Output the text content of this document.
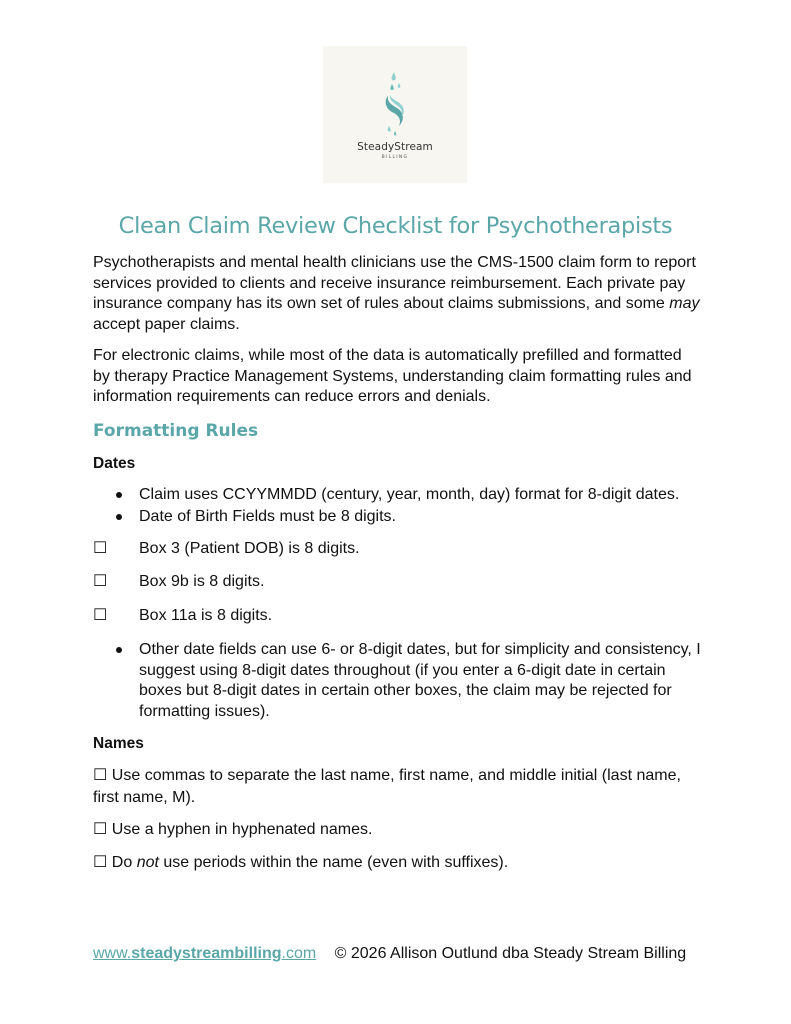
SteadyStream
BILLING
Clean Claim Review Checklist for Psychotherapists

Psychotherapists and mental health clinicians use the CMS-1500 claim form to report services provided to clients and receive insurance reimbursement. Each private pay insurance company has its own set of rules about claims submissions, and some may accept paper claims.

For electronic claims, while most of the data is automatically prefilled and formatted by therapy Practice Management Systems, understanding claim formatting rules and information requirements can reduce errors and denials.

Formatting Rules
Dates
Claim uses CCYYMMDD (century, year, month, day) format for 8-digit dates.
Date of Birth Fields must be 8 digits.
☐ Box 3 (Patient DOB) is 8 digits.
☐ Box 9b is 8 digits.
☐ Box 11a is 8 digits.
Other date fields can use 6- or 8-digit dates, but for simplicity and consistency, I suggest using 8-digit dates throughout (if you enter a 6-digit date in certain boxes but 8-digit dates in certain other boxes, the claim may be rejected for formatting issues).
Names

☐ Use commas to separate the last name, first name, and middle initial (last name, first name, M).

☐ Use a hyphen in hyphenated names.

☐ Do not use periods within the name (even with suffixes).

www.steadystreambilling.com © 2026 Allison Outlund dba Steady Stream Billing
